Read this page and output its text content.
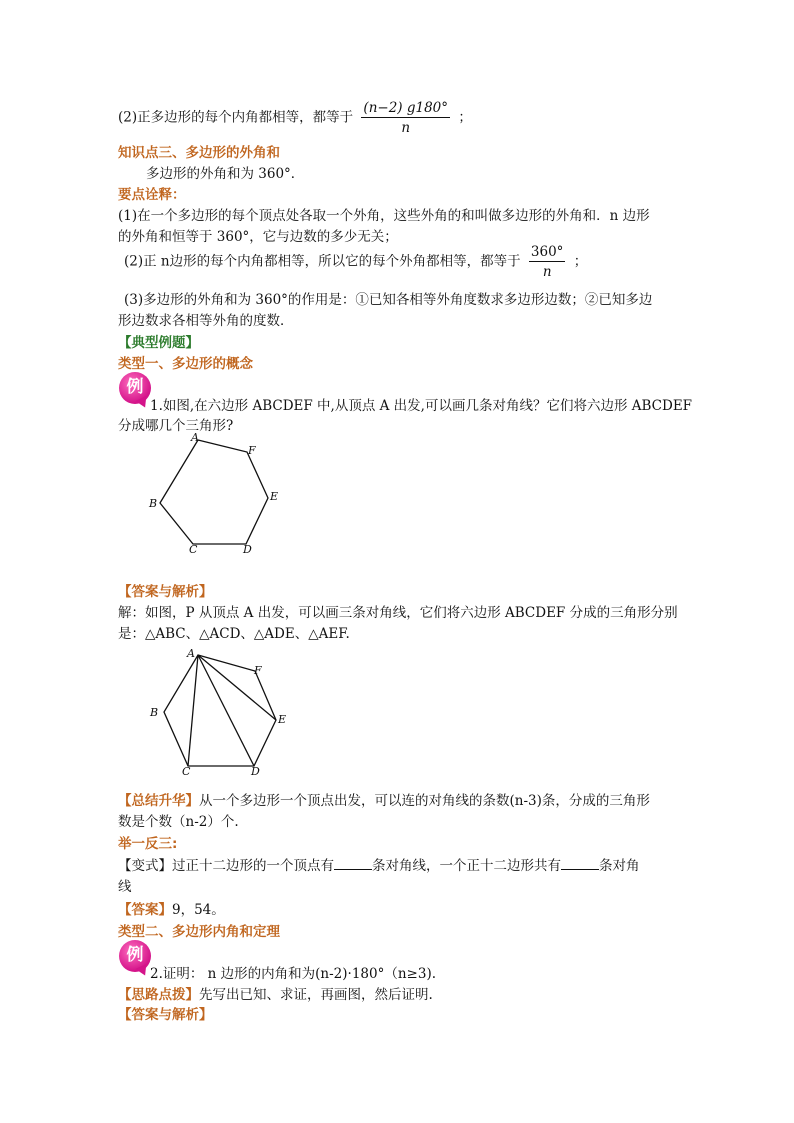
(2)正多边形的每个内角都相等，都等于 $\frac{(n-2) g180^\circ}{n}$ ；
知识点三、多边形的外角和
多边形的外角和为 360°．
要点诠释：
(1)在一个多边形的每个顶点处各取一个外角，这些外角的和叫做多边形的外角和．n 边形
的外角和恒等于 360°，它与边数的多少无关；
(2)正 n边形的每个内角都相等，所以它的每个外角都相等，都等于 $\frac{360^\circ}{n}$ ；
(3)多边形的外角和为 360°的作用是：①已知各相等外角度数求多边形边数；②已知多边
形边数求各相等外角的度数．
【典型例题】
类型一、多边形的概念
例
1.如图,在六边形 ABCDEF 中,从顶点 A 出发,可以画几条对角线？它们将六边形 ABCDEF
分成哪几个三角形?
A
F
E
D
C
B
【答案与解析】
解：如图，P 从顶点 A 出发，可以画三条对角线，它们将六边形 ABCDEF 分成的三角形分别
是：△ABC、△ACD、△ADE、△AEF.
A
F
E
D
C
B
【总结升华】从一个多边形一个顶点出发，可以连的对角线的条数(n-3)条，分成的三角形
数是个数（n-2）个.
举一反三:
【变式】过正十二边形的一个顶点有	条对角线，一个正十二边形共有	条对角
线
【答案】9，54。
类型二、多边形内角和定理
例
2.证明： n 边形的内角和为(n-2)·180°（n≥3).
【思路点拨】先写出已知、求证，再画图，然后证明.
【答案与解析】
